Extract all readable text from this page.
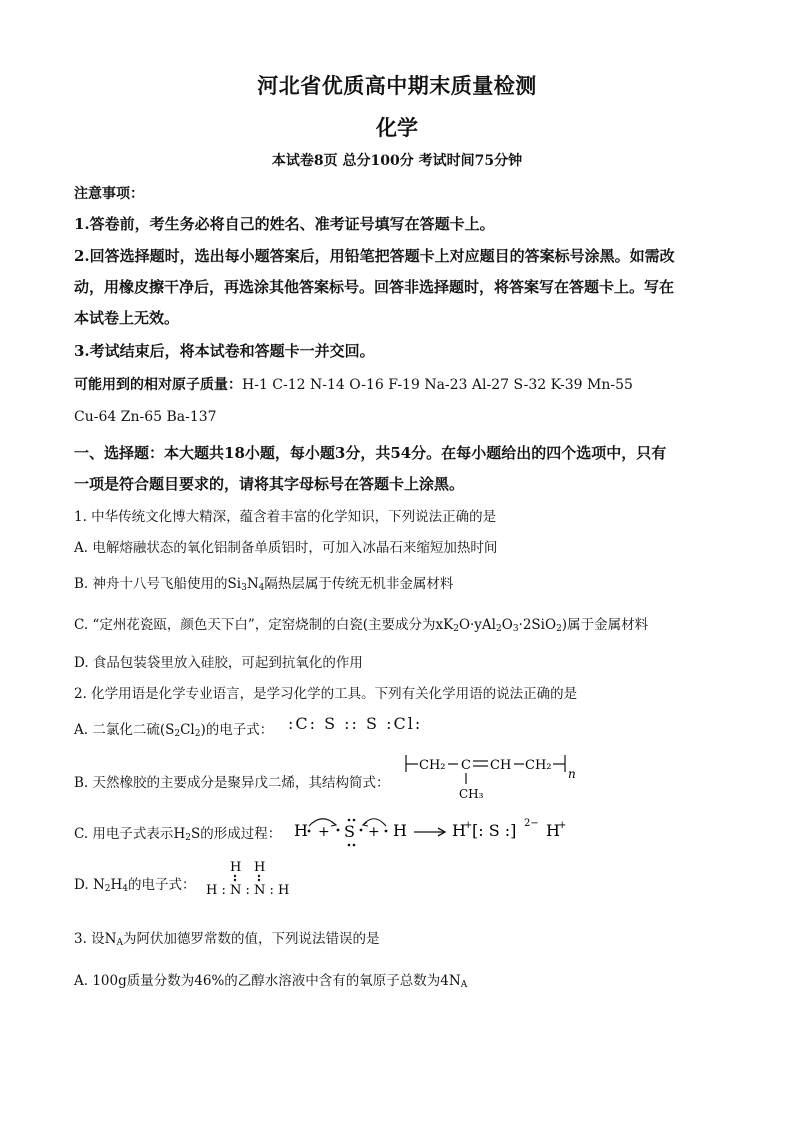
河北省优质高中期末质量检测
化学
本试卷8页 总分100分 考试时间75分钟
注意事项：
1.答卷前，考生务必将自己的姓名、准考证号填写在答题卡上。
2.回答选择题时，选出每小题答案后，用铅笔把答题卡上对应题目的答案标号涂黑。如需改
动，用橡皮擦干净后，再选涂其他答案标号。回答非选择题时，将答案写在答题卡上。写在
本试卷上无效。
3.考试结束后，将本试卷和答题卡一并交回。
可能用到的相对原子质量：H-1 C-12 N-14 O-16 F-19 Na-23 Al-27 S-32 K-39 Mn-55
Cu-64 Zn-65 Ba-137
一、选择题：本大题共18小题，每小题3分，共54分。在每小题给出的四个选项中，只有
一项是符合题目要求的，请将其字母标号在答题卡上涂黑。
1. 中华传统文化博大精深，蕴含着丰富的化学知识，下列说法正确的是
A. 电解熔融状态的氧化铝制备单质铝时，可加入冰晶石来缩短加热时间
B. 神舟十八号飞船使用的$Si_3N_4$隔热层属于传统无机非金属材料
C. “定州花瓷瓯，颜色天下白”，定窑烧制的白瓷(主要成分为$xK_2O\cdot yAl_2O_3\cdot 2SiO_2$)属于金属材料
D. 食品包装袋里放入硅胶，可起到抗氧化的作用
2. 化学用语是化学专业语言，是学习化学的工具。下列有关化学用语的说法正确的是
A. 二氯化二硫$(S_2Cl_2)$的电子式： :C: S :: S :Cl:
B. 天然橡胶的主要成分是聚异戊二烯，其结构简式：
CH₂ C CH CH₂
n
CH₃
C. 用电子式表示$H_2S$的形成过程： H + S + H	H
+ [: S :] 2− H
+
D. $N_2H_4$的电子式：
H H
H : N : N : H
3. 设$N_A$为阿伏加德罗常数的值，下列说法错误的是
A. 100g质量分数为46%的乙醇水溶液中含有的氧原子总数为$4N_A$
